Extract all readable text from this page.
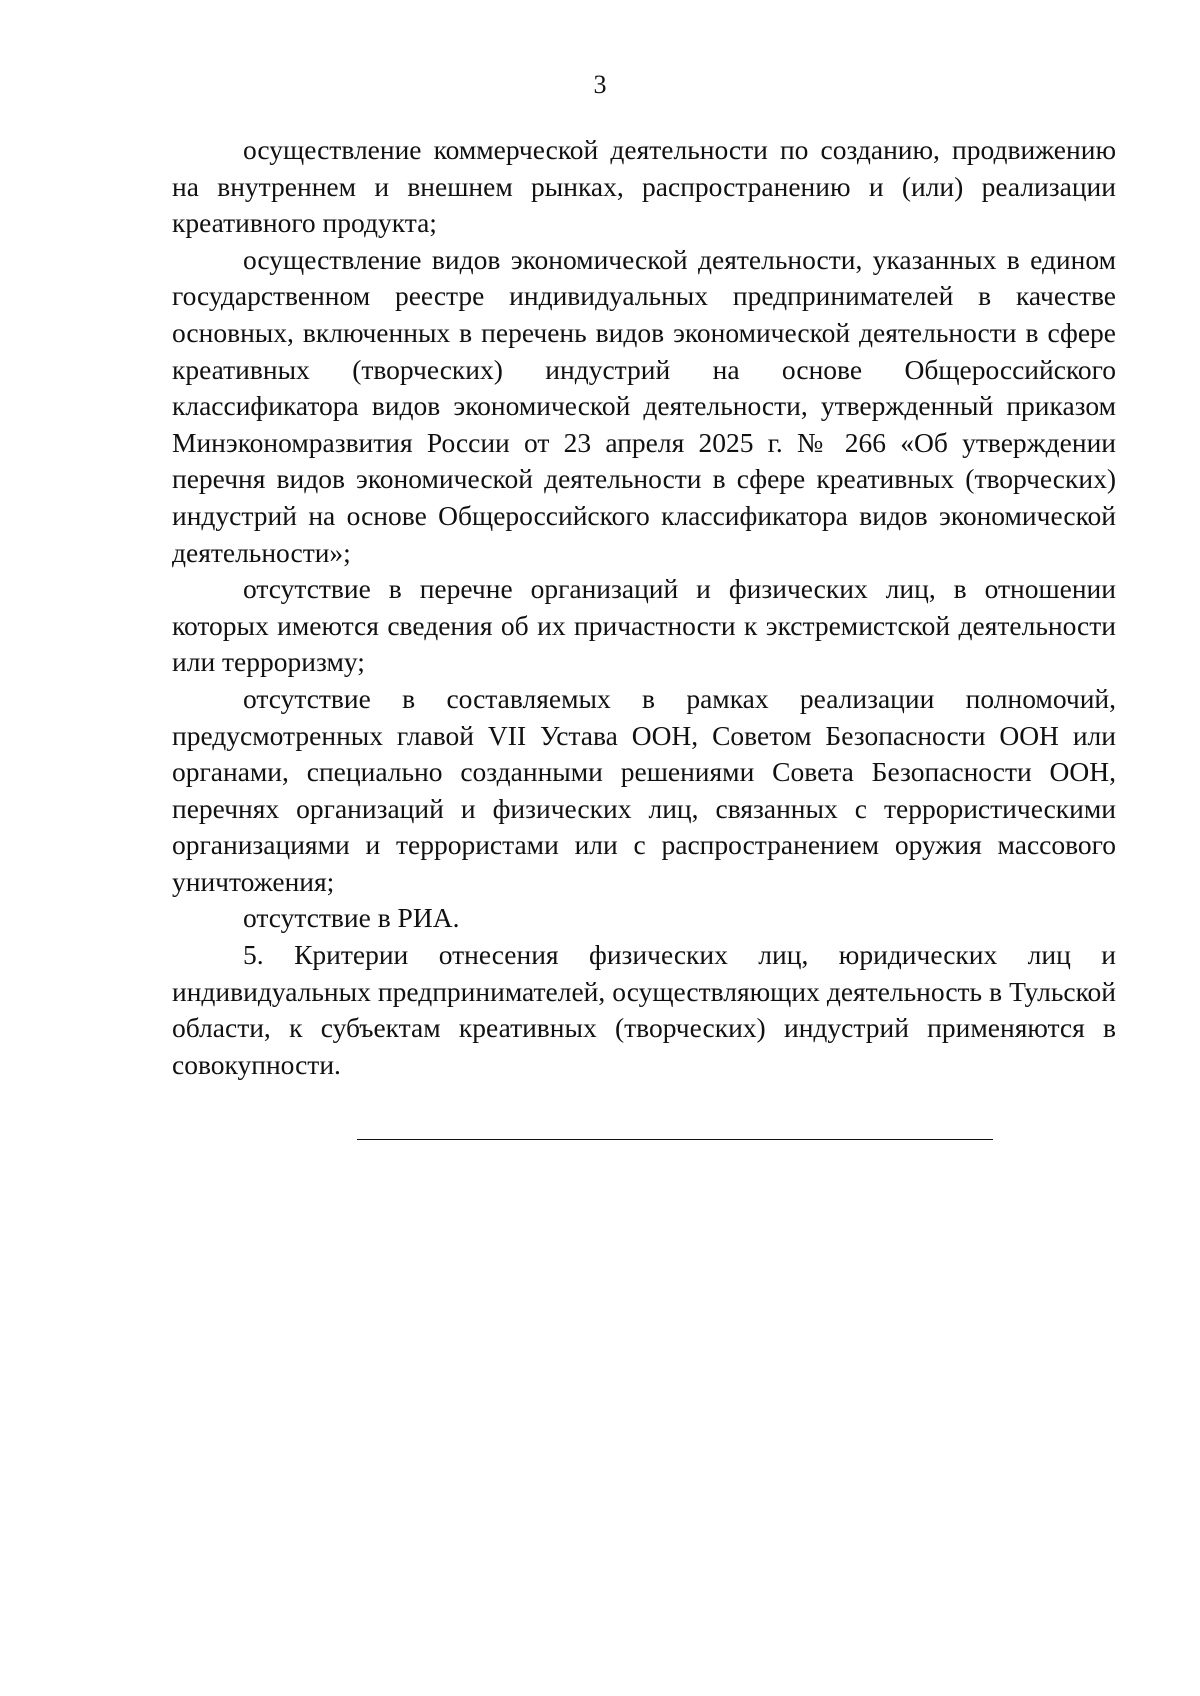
3

осуществление коммерческой деятельности по созданию, продвижению на внутреннем и внешнем рынках, распространению и (или) реализации креативного продукта;

осуществление видов экономической деятельности, указанных в едином государственном реестре индивидуальных предпринимателей в качестве основных, включенных в перечень видов экономической деятельности в сфере креативных (творческих) индустрий на основе Общероссийского классификатора видов экономической деятельности, утвержденный приказом Минэкономразвития России от 23 апреля 2025 г. № 266 «Об утверждении перечня видов экономической деятельности в сфере креативных (творческих) индустрий на основе Общероссийского классификатора видов экономической деятельности»;

отсутствие в перечне организаций и физических лиц, в отношении которых имеются сведения об их причастности к экстремистской деятельности или терроризму;

отсутствие в составляемых в рамках реализации полномочий, предусмотренных главой VII Устава ООН, Советом Безопасности ООН или органами, специально созданными решениями Совета Безопасности ООН, перечнях организаций и физических лиц, связанных с террористическими организациями и террористами или с распространением оружия массового уничтожения;

отсутствие в РИА.

5. Критерии отнесения физических лиц, юридических лиц и индивидуальных предпринимателей, осуществляющих деятельность в Тульской области, к субъектам креативных (творческих) индустрий применяются в совокупности.
